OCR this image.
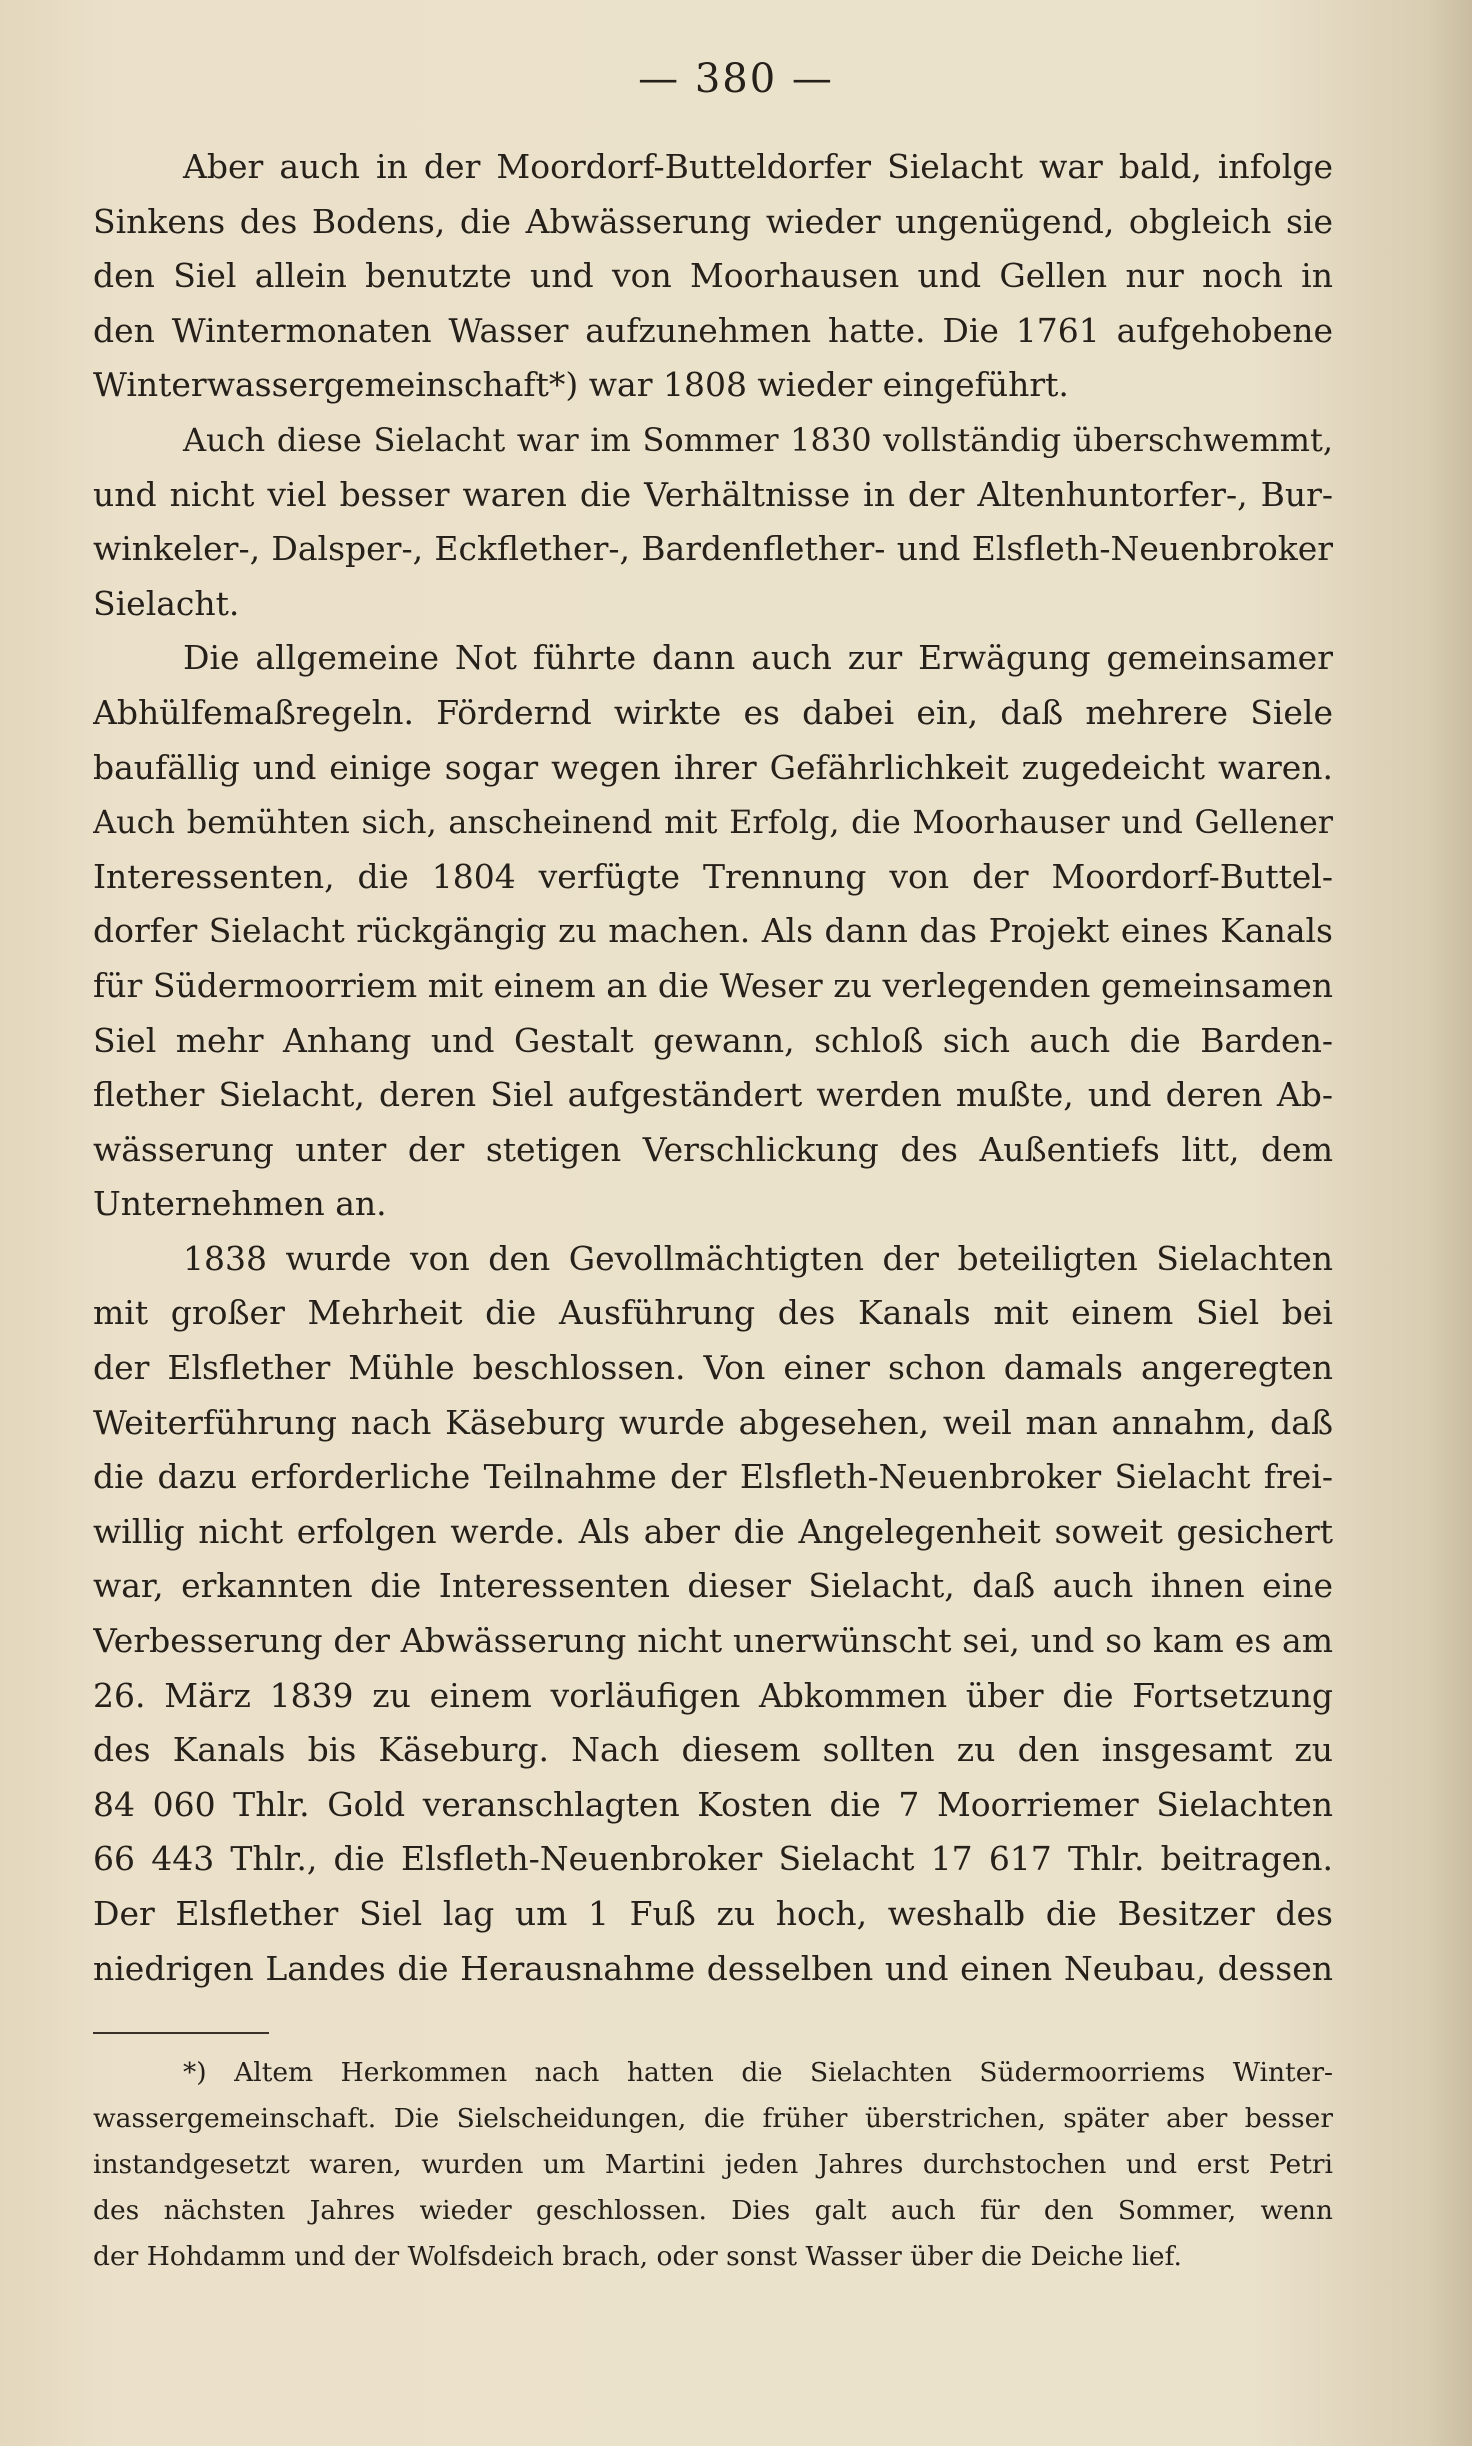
— 380 —
Aber auch in der Moordorf-Butteldorfer Sielacht war bald, infolge
Sinkens des Bodens, die Abwässerung wieder ungenügend, obgleich sie
den Siel allein benutzte und von Moorhausen und Gellen nur noch in
den Wintermonaten Wasser aufzunehmen hatte. Die 1761 aufgehobene
Winterwassergemeinschaft*) war 1808 wieder eingeführt.
Auch diese Sielacht war im Sommer 1830 vollständig überschwemmt,
und nicht viel besser waren die Verhältnisse in der Altenhuntorfer-, Bur-
winkeler-, Dalsper-, Eckflether-, Bardenflether- und Elsfleth-Neuenbroker
Sielacht.
Die allgemeine Not führte dann auch zur Erwägung gemeinsamer
Abhülfemaßregeln. Fördernd wirkte es dabei ein, daß mehrere Siele
baufällig und einige sogar wegen ihrer Gefährlichkeit zugedeicht waren.
Auch bemühten sich, anscheinend mit Erfolg, die Moorhauser und Gellener
Interessenten, die 1804 verfügte Trennung von der Moordorf-Buttel-
dorfer Sielacht rückgängig zu machen. Als dann das Projekt eines Kanals
für Südermoorriem mit einem an die Weser zu verlegenden gemeinsamen
Siel mehr Anhang und Gestalt gewann, schloß sich auch die Barden-
flether Sielacht, deren Siel aufgeständert werden mußte, und deren Ab-
wässerung unter der stetigen Verschlickung des Außentiefs litt, dem
Unternehmen an.
1838 wurde von den Gevollmächtigten der beteiligten Sielachten
mit großer Mehrheit die Ausführung des Kanals mit einem Siel bei
der Elsflether Mühle beschlossen. Von einer schon damals angeregten
Weiterführung nach Käseburg wurde abgesehen, weil man annahm, daß
die dazu erforderliche Teilnahme der Elsfleth-Neuenbroker Sielacht frei-
willig nicht erfolgen werde. Als aber die Angelegenheit soweit gesichert
war, erkannten die Interessenten dieser Sielacht, daß auch ihnen eine
Verbesserung der Abwässerung nicht unerwünscht sei, und so kam es am
26. März 1839 zu einem vorläufigen Abkommen über die Fortsetzung
des Kanals bis Käseburg. Nach diesem sollten zu den insgesamt zu
84 060 Thlr. Gold veranschlagten Kosten die 7 Moorriemer Sielachten
66 443 Thlr., die Elsfleth-Neuenbroker Sielacht 17 617 Thlr. beitragen.
Der Elsflether Siel lag um 1 Fuß zu hoch, weshalb die Besitzer des
niedrigen Landes die Herausnahme desselben und einen Neubau, dessen
*) Altem Herkommen nach hatten die Sielachten Südermoorriems Winter-
wassergemeinschaft. Die Sielscheidungen, die früher überstrichen, später aber besser
instandgesetzt waren, wurden um Martini jeden Jahres durchstochen und erst Petri
des nächsten Jahres wieder geschlossen. Dies galt auch für den Sommer, wenn
der Hohdamm und der Wolfsdeich brach, oder sonst Wasser über die Deiche lief.
